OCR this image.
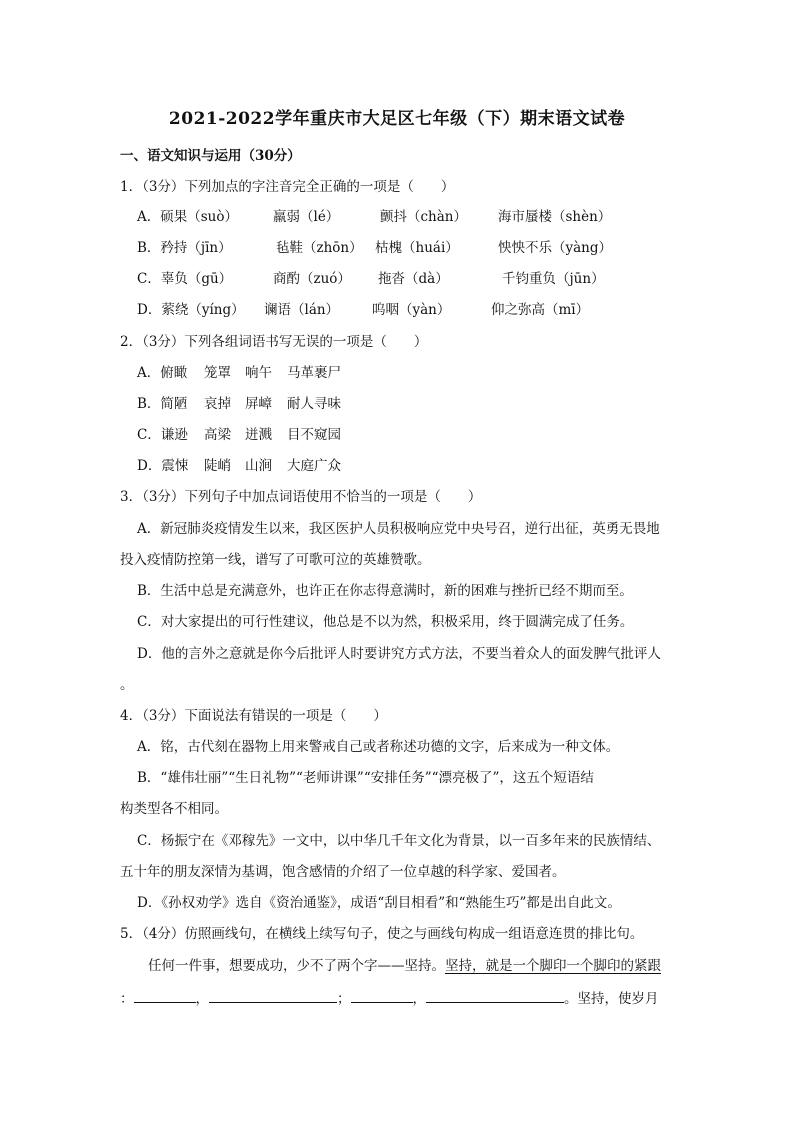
2021-2022学年重庆市大足区七年级（下）期末语文试卷
一、语文知识与运用（30分）
1．（3分）下列加点的字注音完全正确的一项是（　　）
A．硕果（suò）	羸弱（lé）	颤抖（chàn） 海市蜃楼（shèn）
B．矜持（jīn）	毡鞋（zhōn） 枯槐（huái）	怏怏不乐（yàng）
C．辜负（gū）	商酌（zuó） 拖沓（dà）	千钧重负（jūn）
D．萦绕（yíng） 谰语（lán） 呜咽（yàn）	仰之弥高（mī）
2．（3分）下列各组词语书写无误的一项是（　　）
A．俯瞰 笼罩 响午 马革裹尸
B．简陋 哀掉 屏嶂 耐人寻味
C．谦逊 高梁 迸溅 目不窥园
D．震悚 陡峭 山涧 大庭广众
3．（3分）下列句子中加点词语使用不恰当的一项是（　　）
A．新冠肺炎疫情发生以来，我区医护人员积极响应党中央号召，逆行出征，英勇无畏地
投入疫情防控第一线，谱写了可歌可泣的英雄赞歌。
B．生活中总是充满意外，也许正在你志得意满时，新的困难与挫折已经不期而至。
C．对大家提出的可行性建议，他总是不以为然，积极采用，终于圆满完成了任务。
D．他的言外之意就是你今后批评人时要讲究方式方法，不要当着众人的面发脾气批评人
。
4．（3分）下面说法有错误的一项是（　　）
A．铭，古代刻在器物上用来警戒自己或者称述功德的文字，后来成为一种文体。
B．“雄伟壮丽”“生日礼物”“老师讲课”“安排任务”“漂亮极了”，这五个短语结
构类型各不相同。
C．杨振宁在《邓稼先》一文中，以中华几千年文化为背景，以一百多年来的民族情结、
五十年的朋友深情为基调，饱含感情的介绍了一位卓越的科学家、爱国者。
D．《孙权劝学》选自《资治通鉴》，成语“刮目相看”和“熟能生巧”都是出自此文。
5．（4分）仿照画线句，在横线上续写句子，使之与画线句构成一组语意连贯的排比句。
任何一件事，想要成功，少不了两个字——坚持。坚持，就是一个脚印一个脚印的紧跟
：	，	；	，	。坚持，使岁月
